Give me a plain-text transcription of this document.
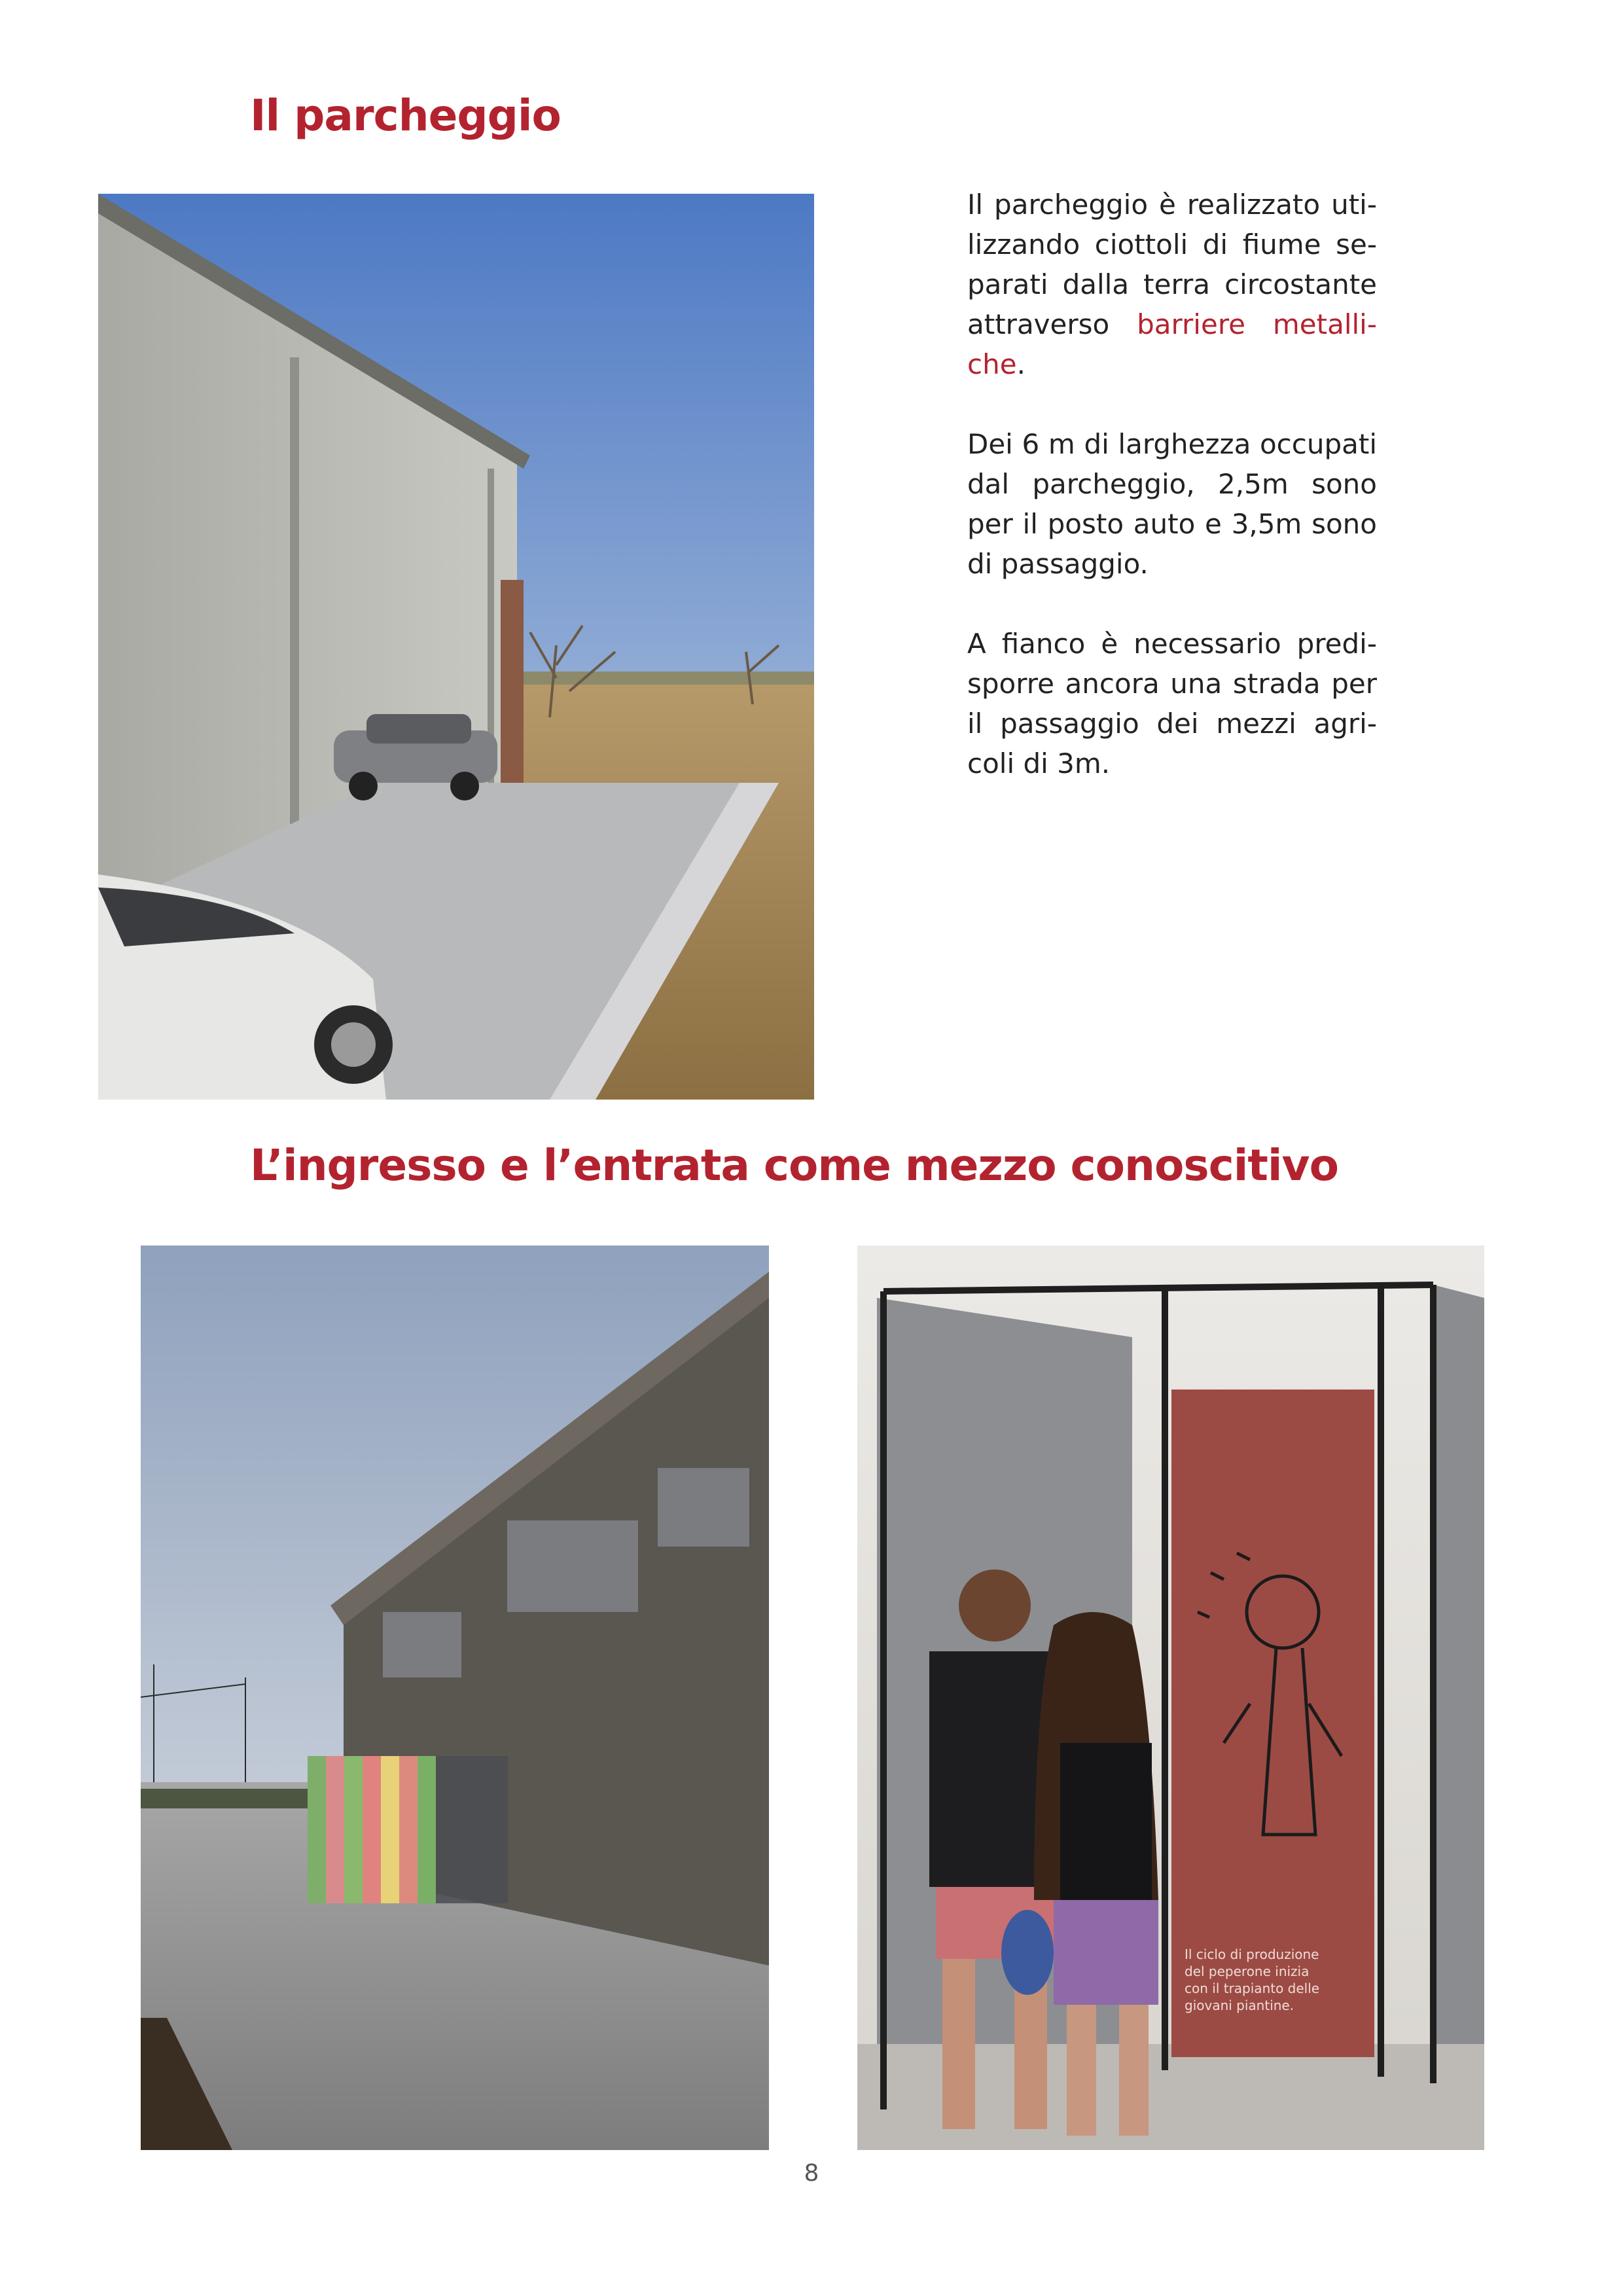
Il parcheggio

Il parcheggio è realizzato utilizzando ciottoli di fiume separati dalla terra circostante attraverso barriere metalliche.

Dei 6 m di larghezza occupati dal parcheggio, 2,5m sono per il posto auto e 3,5m sono di passaggio.

A fianco è necessario predisporre ancora una strada per il passaggio dei mezzi agricoli di 3m.

L’ingresso e l’entrata come mezzo conoscitivo
Il ciclo di produzione del peperone inizia con il trapianto delle giovani piantine.
8
